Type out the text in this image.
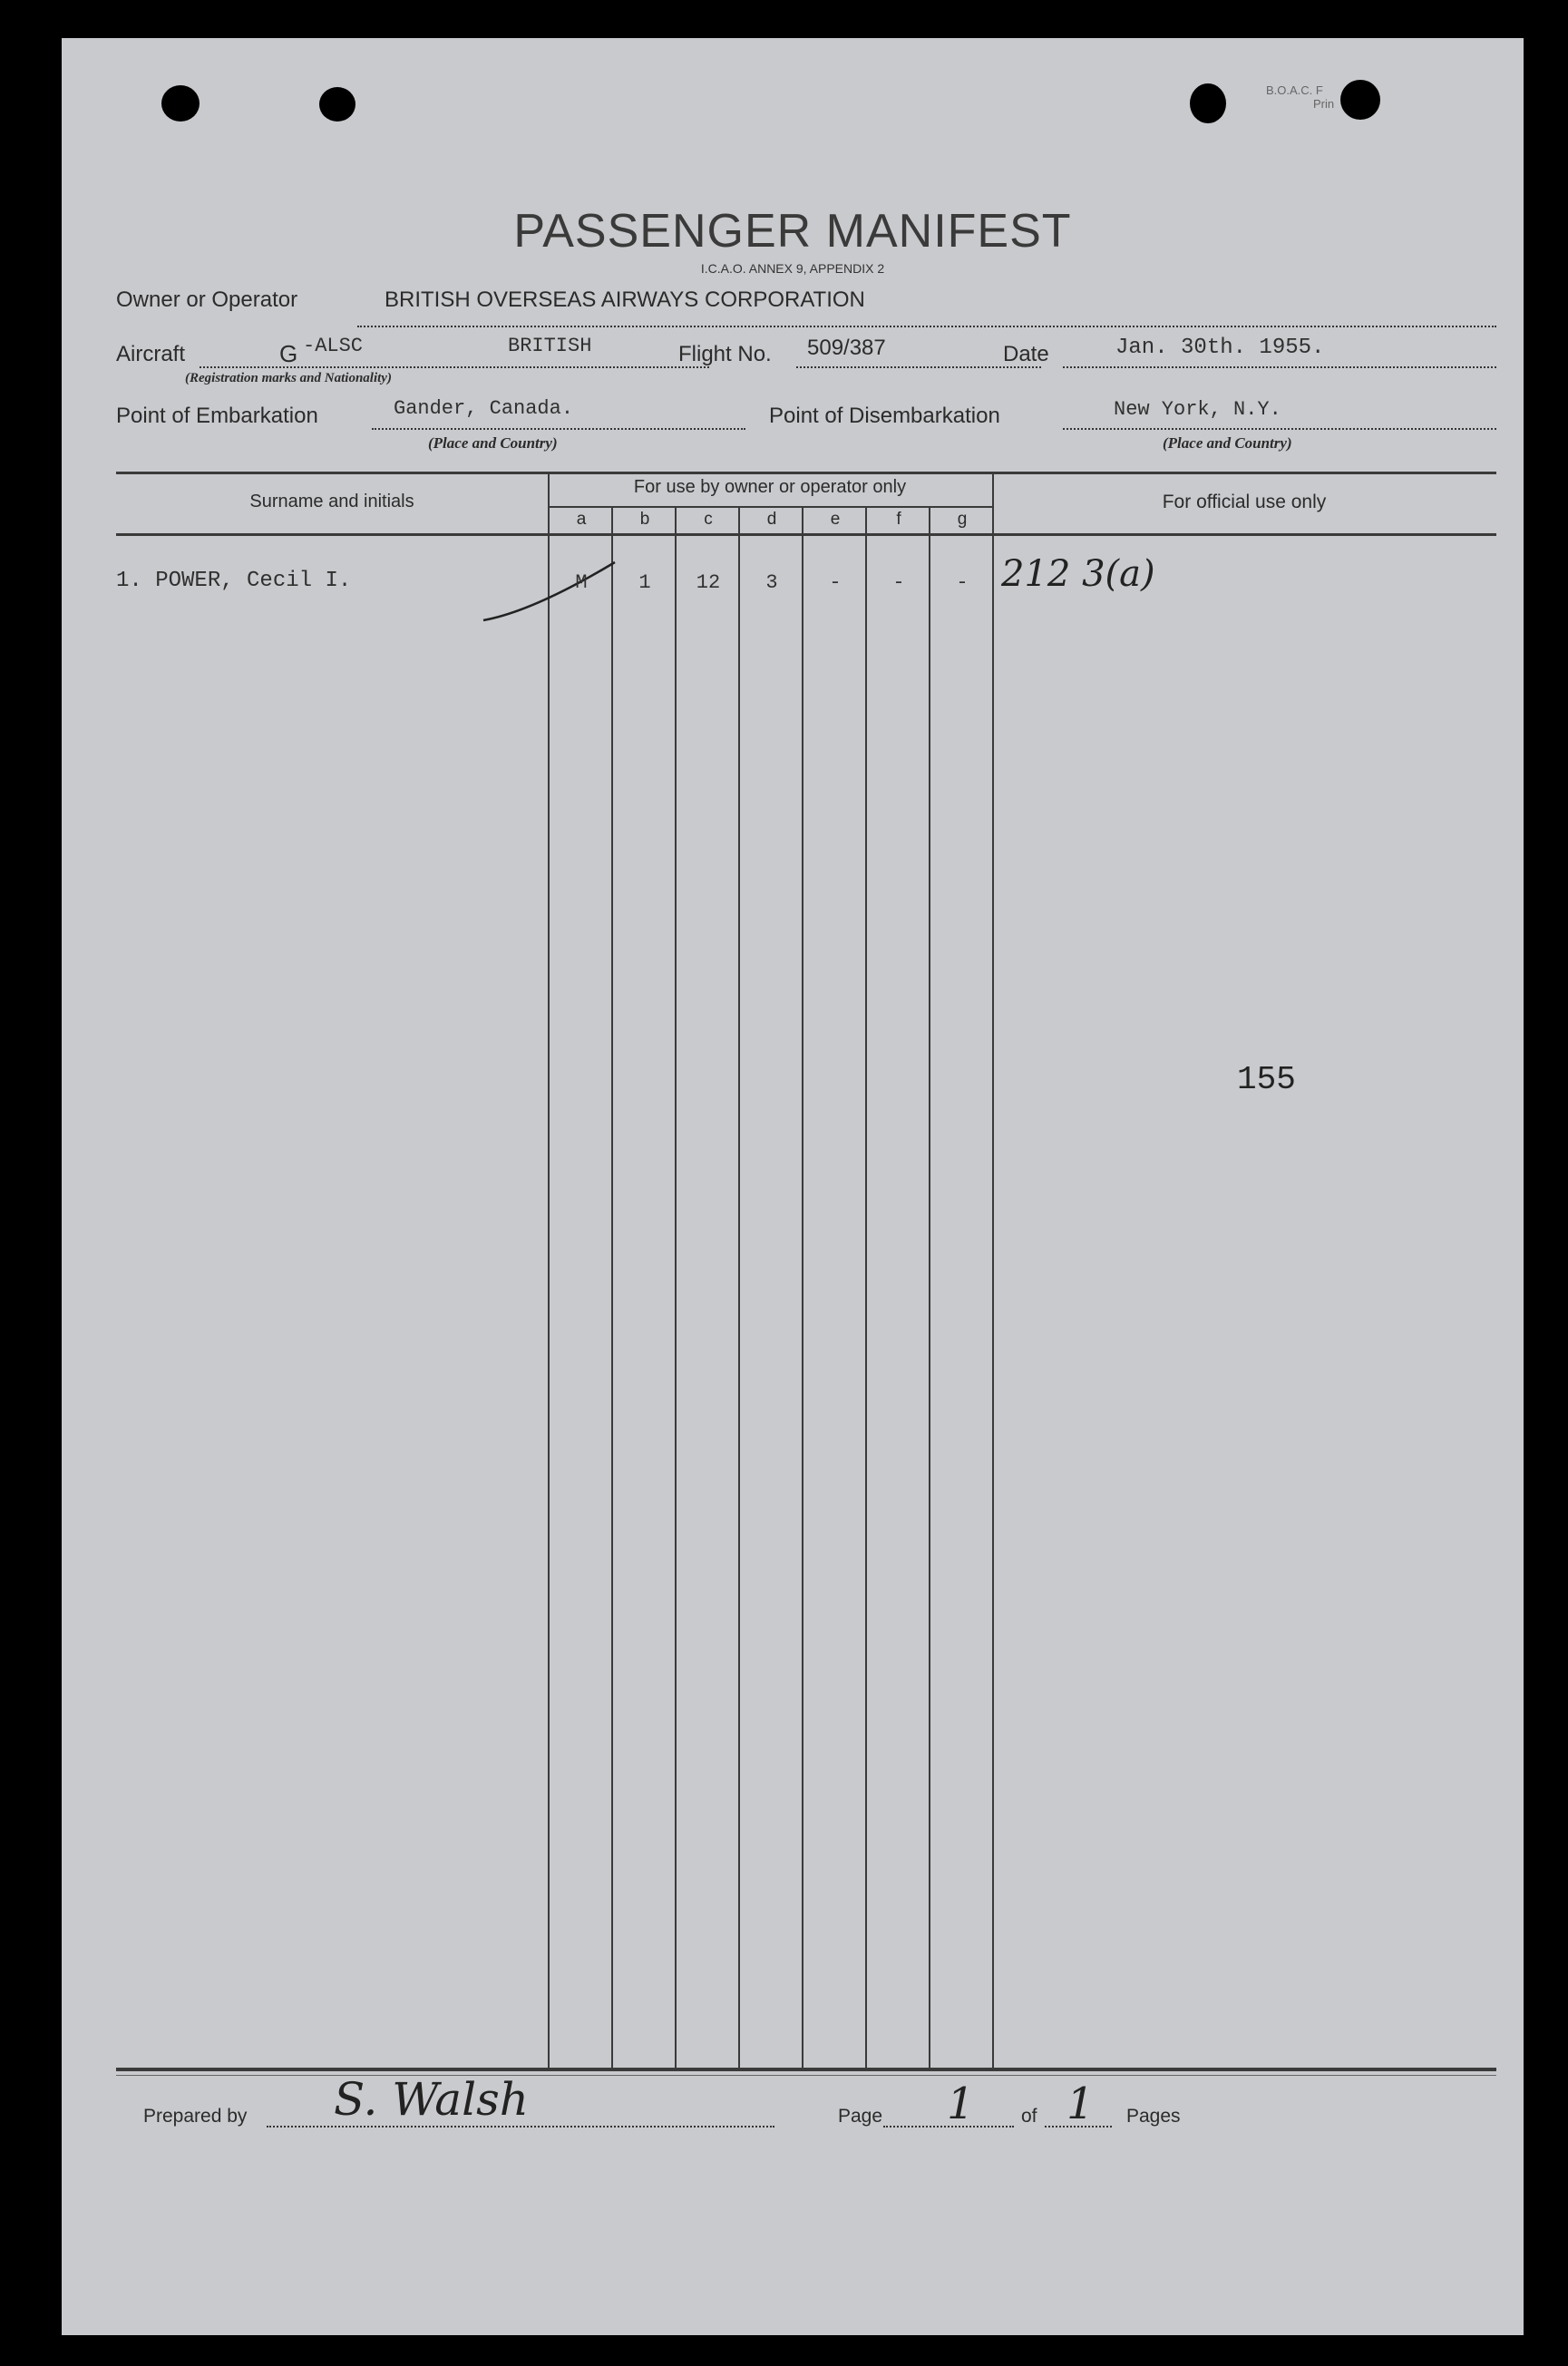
B.O.A.C. F
Prin
PASSENGER MANIFEST
I.C.A.O. ANNEX 9, APPENDIX 2
Owner or Operator	BRITISH OVERSEAS AIRWAYS CORPORATION
Aircraft	G -ALSC	BRITISH
(Registration marks and Nationality)
Flight No. 509/387	Date	Jan. 30th. 1955.
Point of Embarkation	Gander, Canada.
(Place and Country)
Point of Disembarkation	New York, N.Y.
(Place and Country)
Surname and initials
For use by owner or operator only
For official use only
a	b	c	d	e	f	g
1. POWER, Cecil I.	M	1	12	3	-	-	- 212 3(a)
155
Prepared by S. Walsh	Page 1 of 1 Pages
